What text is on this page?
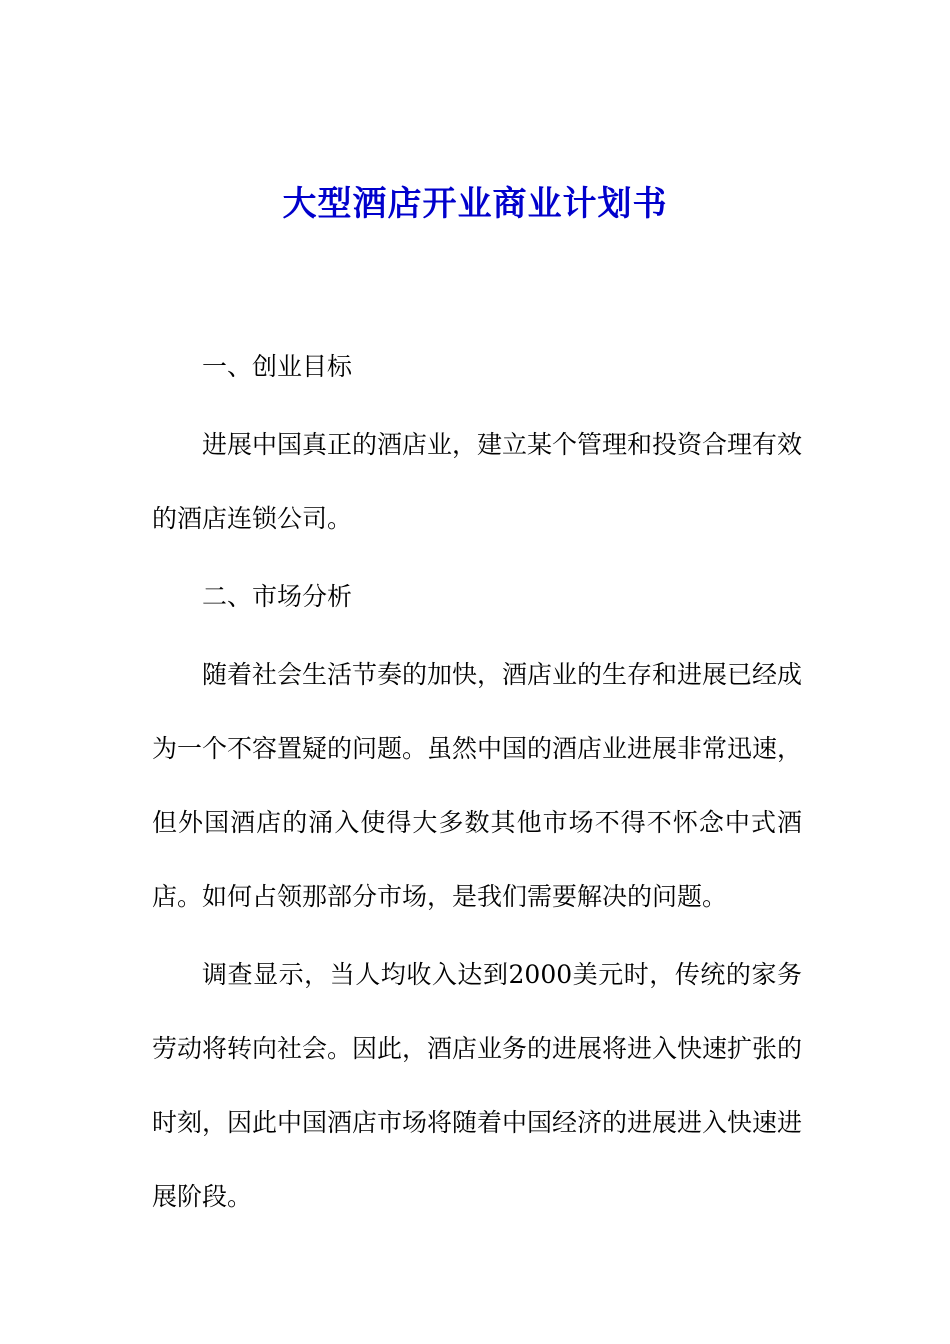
大型酒店开业商业计划书

一、创业目标

进展中国真正的酒店业，建立某个管理和投资合理有效的酒店连锁公司。

二、市场分析

随着社会生活节奏的加快，酒店业的生存和进展已经成为一个不容置疑的问题。虽然中国的酒店业进展非常迅速，但外国酒店的涌入使得大多数其他市场不得不怀念中式酒店。如何占领那部分市场，是我们需要解决的问题。

调查显示，当人均收入达到2000美元时，传统的家务劳动将转向社会。因此，酒店业务的进展将进入快速扩张的时刻，因此中国酒店市场将随着中国经济的进展进入快速进展阶段。
